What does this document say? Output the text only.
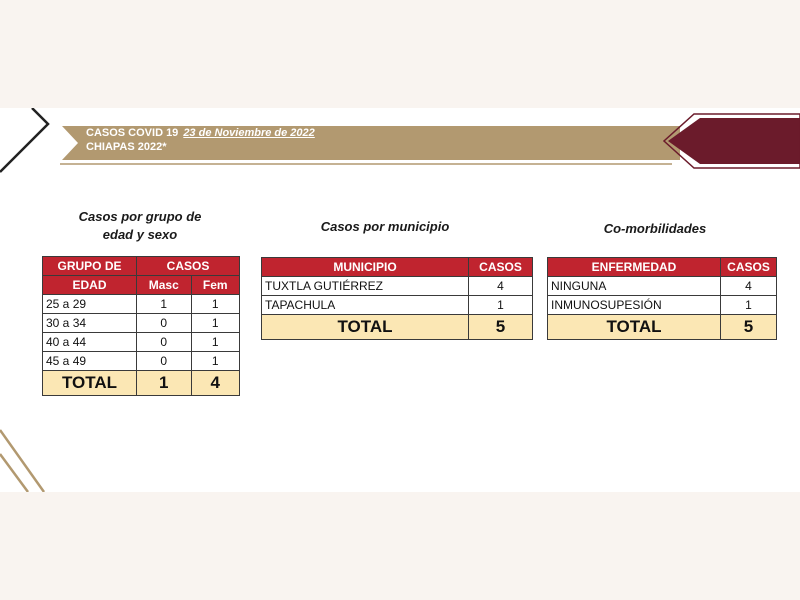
CASOS COVID 19 23 de Noviembre de 2022
CHIAPAS 2022*
Casos por grupo de
edad y sexo
Casos por municipio	Co-morbilidades
GRUPO DE	CASOS	
EDAD	Masc	Fem
25 a 29	1	1
30 a 34	0	1
40 a 44	0	1
45 a 49	0	1
TOTAL	1	4
MUNICIPIO	CASOS
TUXTLA GUTIÉRREZ	4
TAPACHULA	1
TOTAL	5
ENFERMEDAD	CASOS
NINGUNA	4
INMUNOSUPESIÓN	1
TOTAL	5
